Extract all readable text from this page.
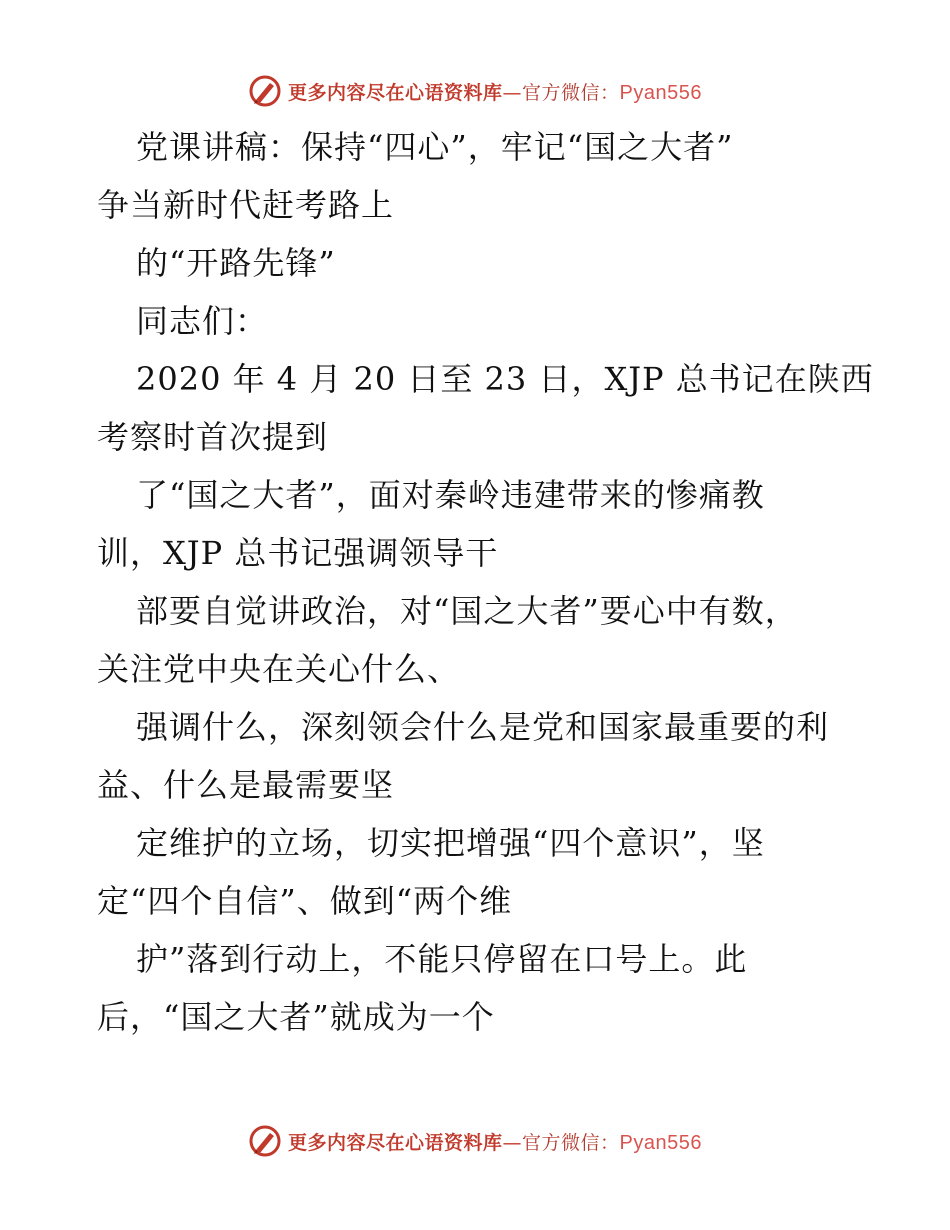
更多内容尽在心语资料库 — 官方微信： Pyan556
党课讲稿：保持“四心”，牢记“国之大者”
争当新时代赶考路上
的“开路先锋”
同志们：
2020 年 4 月 20 日至 23 日，XJP 总书记在陕西
考察时首次提到
了“国之大者”，面对秦岭违建带来的惨痛教
训，XJP 总书记强调领导干
部要自觉讲政治，对“国之大者”要心中有数，
关注党中央在关心什么、
强调什么，深刻领会什么是党和国家最重要的利
益、什么是最需要坚
定维护的立场，切实把增强“四个意识”，坚
定“四个自信”、做到“两个维
护”落到行动上，不能只停留在口号上。此
后，“国之大者”就成为一个
更多内容尽在心语资料库 — 官方微信： Pyan556
